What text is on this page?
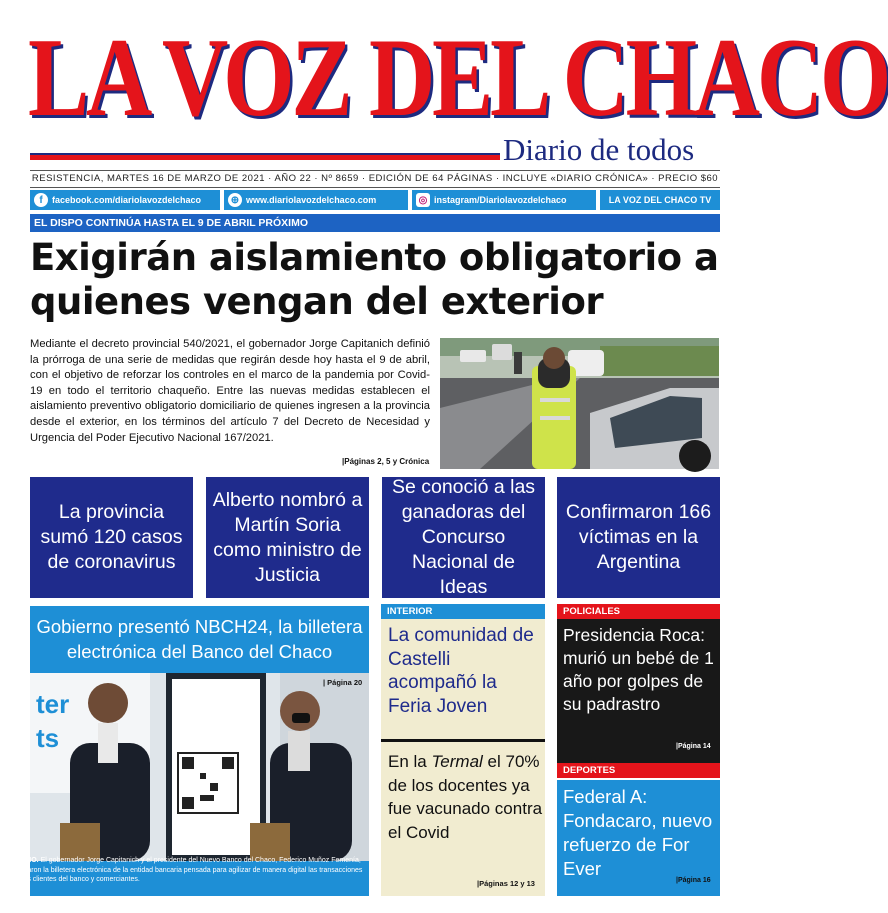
LA VOZ DEL CHACO
Diario de todos
RESISTENCIA, MARTES 16 DE MARZO DE 2021 · AÑO 22 · Nº 8659 · EDICIÓN DE 64 PÁGINAS · INCLUYE «DIARIO CRÓNICA» · PRECIO $60
f	facebook.com/diariolavozdelchaco	⊕ www.diariolavozdelchaco.com	◎ instagram/Diariolavozdelchaco	LA VOZ DEL CHACO TV
EL DISPO CONTINÚA HASTA EL 9 DE ABRIL PRÓXIMO
Exigirán aislamiento obligatorio a quienes vengan del exterior
Mediante el decreto provincial 540/2021, el gobernador Jorge Capitanich definió la prórroga de una serie de medidas que regirán desde hoy hasta el 9 de abril, con el objetivo de reforzar los controles en el marco de la pandemia por Covid-19 en todo el territorio chaqueño. Entre las nuevas medidas establecen el aislamiento preventivo obligatorio domiciliario de quienes ingresen a la provincia desde el exterior, en los términos del artículo 7 del Decreto de Necesidad y Urgencia del Poder Ejecutivo Nacional 167/2021.
|Páginas 2, 5 y Crónica
La provincia sumó 120 casos de coronavirus
Alberto nombró a Martín Soria como ministro de Justicia
Se conoció a las ganadoras del Concurso Nacional de Ideas
Confirmaron 166 víctimas en la Argentina
Gobierno presentó NBCH24, la billetera electrónica del Banco del Chaco
ter
ts
| Página 20
ANUNCIO. El gobernador Jorge Capitanich y el presidente del Nuevo Banco del Chaco, Federico Muñoz Femenía, presentaron la billetera electrónica de la entidad bancaria pensada para agilizar de manera digital las transacciones entre los clientes del banco y comerciantes.
INTERIOR
La comunidad de Castelli acompañó la Feria Joven
En la Termal el 70% de los docentes ya fue vacunado contra el Covid
|Páginas 12 y 13
POLICIALES
Presidencia Roca: murió un bebé de 1 año por golpes de su padrastro
|Página 14
DEPORTES
Federal A: Fondacaro, nuevo refuerzo de For Ever
|Página 16
